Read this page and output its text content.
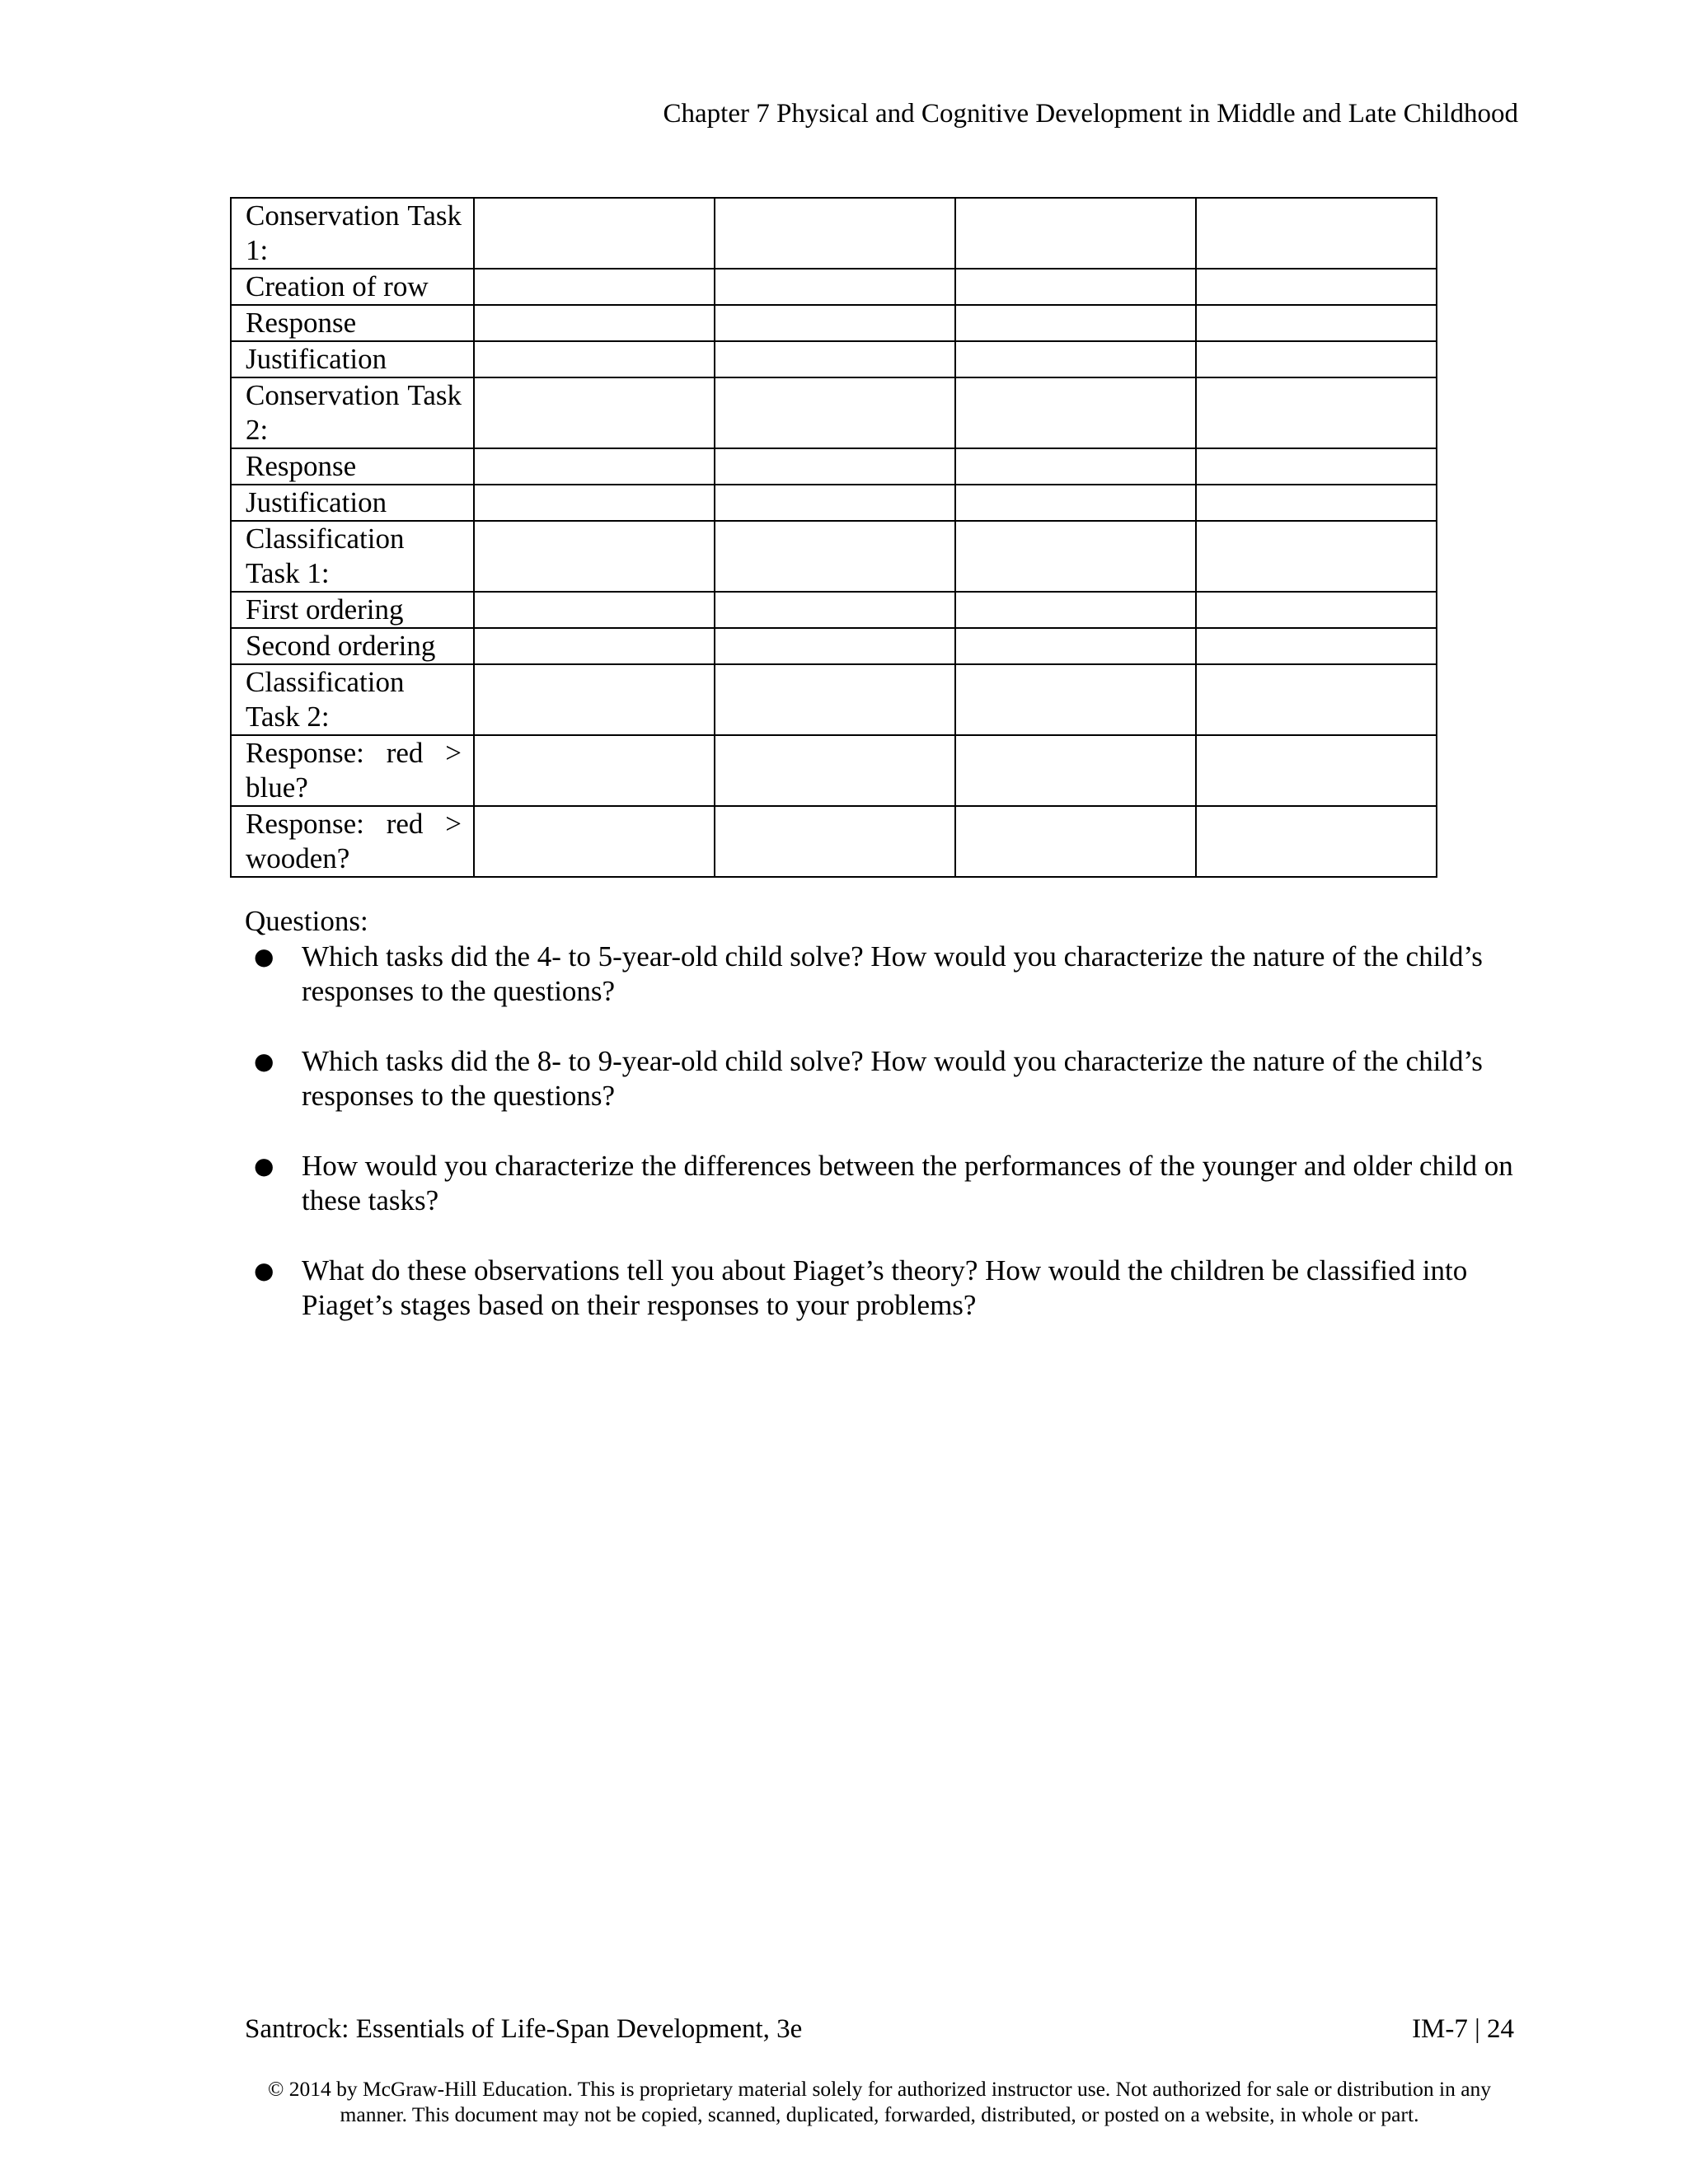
Chapter 7 Physical and Cognitive Development in Middle and Late Childhood
Conservation Task 1:				
Creation of row				
Response				
Justification				
Conservation Task 2:				
Response				
Justification				
Classification Task 1:				
First ordering				
Second ordering				
Classification Task 2:				
Response: red > blue?				
Response: red > wooden?				
Questions:
● Which tasks did the 4- to 5-year-old child solve? How would you characterize the nature of the child’s responses to the questions?
● Which tasks did the 8- to 9-year-old child solve? How would you characterize the nature of the child’s responses to the questions?
● How would you characterize the differences between the performances of the younger and older child on these tasks?
● What do these observations tell you about Piaget’s theory? How would the children be classified into Piaget’s stages based on their responses to your problems?
Santrock: Essentials of Life-Span Development, 3e	IM-7 | 24
© 2014 by McGraw-Hill Education. This is proprietary material solely for authorized instructor use. Not authorized for sale or distribution in any manner. This document may not be copied, scanned, duplicated, forwarded, distributed, or posted on a website, in whole or part.
